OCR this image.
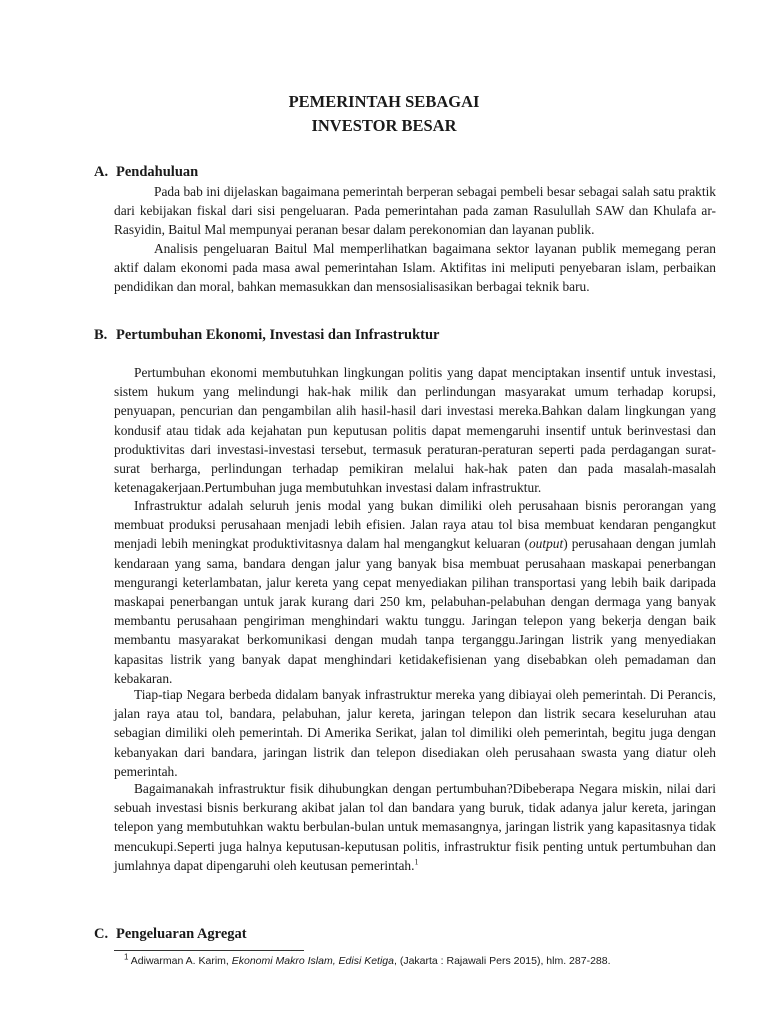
PEMERINTAH SEBAGAI
INVESTOR BESAR
A. Pendahuluan

Pada bab ini dijelaskan bagaimana pemerintah berperan sebagai pembeli besar sebagai salah satu praktik dari kebijakan fiskal dari sisi pengeluaran. Pada pemerintahan pada zaman Rasulullah SAW dan Khulafa ar- Rasyidin, Baitul Mal mempunyai peranan besar dalam perekonomian dan layanan publik.

Analisis pengeluaran Baitul Mal memperlihatkan bagaimana sektor layanan publik memegang peran aktif dalam ekonomi pada masa awal pemerintahan Islam. Aktifitas ini meliputi penyebaran islam, perbaikan pendidikan dan moral, bahkan memasukkan dan mensosialisasikan berbagai teknik baru.

B. Pertumbuhan Ekonomi, Investasi dan Infrastruktur

Pertumbuhan ekonomi membutuhkan lingkungan politis yang dapat menciptakan insentif untuk investasi, sistem hukum yang melindungi hak-hak milik dan perlindungan masyarakat umum terhadap korupsi, penyuapan, pencurian dan pengambilan alih hasil-hasil dari investasi mereka.Bahkan dalam lingkungan yang kondusif atau tidak ada kejahatan pun keputusan politis dapat memengaruhi insentif untuk berinvestasi dan produktivitas dari investasi-investasi tersebut, termasuk peraturan-peraturan seperti pada perdagangan surat-surat berharga, perlindungan terhadap pemikiran melalui hak-hak paten dan pada masalah-masalah ketenagakerjaan.Pertumbuhan juga membutuhkan investasi dalam infrastruktur.

Infrastruktur adalah seluruh jenis modal yang bukan dimiliki oleh perusahaan bisnis perorangan yang membuat produksi perusahaan menjadi lebih efisien. Jalan raya atau tol bisa membuat kendaran pengangkut menjadi lebih meningkat produktivitasnya dalam hal mengangkut keluaran (output) perusahaan dengan jumlah kendaraan yang sama, bandara dengan jalur yang banyak bisa membuat perusahaan maskapai penerbangan mengurangi keterlambatan, jalur kereta yang cepat menyediakan pilihan transportasi yang lebih baik daripada maskapai penerbangan untuk jarak kurang dari 250 km, pelabuhan-pelabuhan dengan dermaga yang banyak membantu perusahaan pengiriman menghindari waktu tunggu. Jaringan telepon yang bekerja dengan baik membantu masyarakat berkomunikasi dengan mudah tanpa terganggu.Jaringan listrik yang menyediakan kapasitas listrik yang banyak dapat menghindari ketidakefisienan yang disebabkan oleh pemadaman dan kebakaran.

Tiap-tiap Negara berbeda didalam banyak infrastruktur mereka yang dibiayai oleh pemerintah. Di Perancis, jalan raya atau tol, bandara, pelabuhan, jalur kereta, jaringan telepon dan listrik secara keseluruhan atau sebagian dimiliki oleh pemerintah. Di Amerika Serikat, jalan tol dimiliki oleh pemerintah, begitu juga dengan kebanyakan dari bandara, jaringan listrik dan telepon disediakan oleh perusahaan swasta yang diatur oleh pemerintah.

Bagaimanakah infrastruktur fisik dihubungkan dengan pertumbuhan?Dibeberapa Negara miskin, nilai dari sebuah investasi bisnis berkurang akibat jalan tol dan bandara yang buruk, tidak adanya jalur kereta, jaringan telepon yang membutuhkan waktu berbulan-bulan untuk memasangnya, jaringan listrik yang kapasitasnya tidak mencukupi.Seperti juga halnya keputusan-keputusan politis, infrastruktur fisik penting untuk pertumbuhan dan jumlahnya dapat dipengaruhi oleh keutusan pemerintah.$^1$

C. Pengeluaran Agregat
$^1$ Adiwarman A. Karim, Ekonomi Makro Islam, Edisi Ketiga, (Jakarta : Rajawali Pers 2015), hlm. 287-288.
